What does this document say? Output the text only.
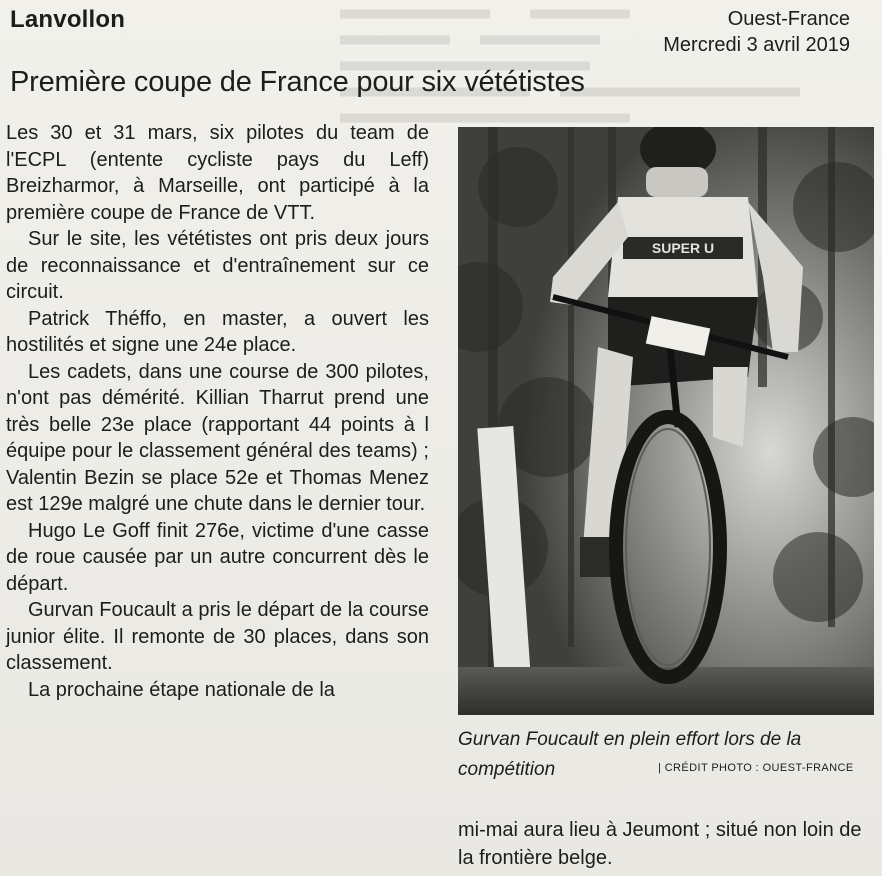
Lanvollon	Ouest-France
Mercredi 3 avril 2019
Première coupe de France pour six vététistes

Les 30 et 31 mars, six pilotes du team de l'ECPL (entente cycliste pays du Leff) Breizharmor, à Marseille, ont participé à la première coupe de France de VTT.

Sur le site, les vététistes ont pris deux jours de reconnaissance et d'entraînement sur ce circuit.

Patrick Théffo, en master, a ouvert les hostilités et signe une 24e place.

Les cadets, dans une course de 300 pilotes, n'ont pas démérité. Killian Tharrut prend une très belle 23e place (rapportant 44 points à l équipe pour le classement général des teams) ; Valentin Bezin se place 52e et Thomas Menez est 129e malgré une chute dans le dernier tour.

Hugo Le Goff finit 276e, victime d'une casse de roue causée par un autre concurrent dès le départ.

Gurvan Foucault a pris le départ de la course junior élite. Il remonte de 30 places, dans son classement.

La prochaine étape nationale de la

SUPER U
Gurvan Foucault en plein effort lors de la compétition	| CRÉDIT PHOTO : OUEST-FRANCE

mi-mai aura lieu à Jeumont ; situé non loin de la frontière belge.
